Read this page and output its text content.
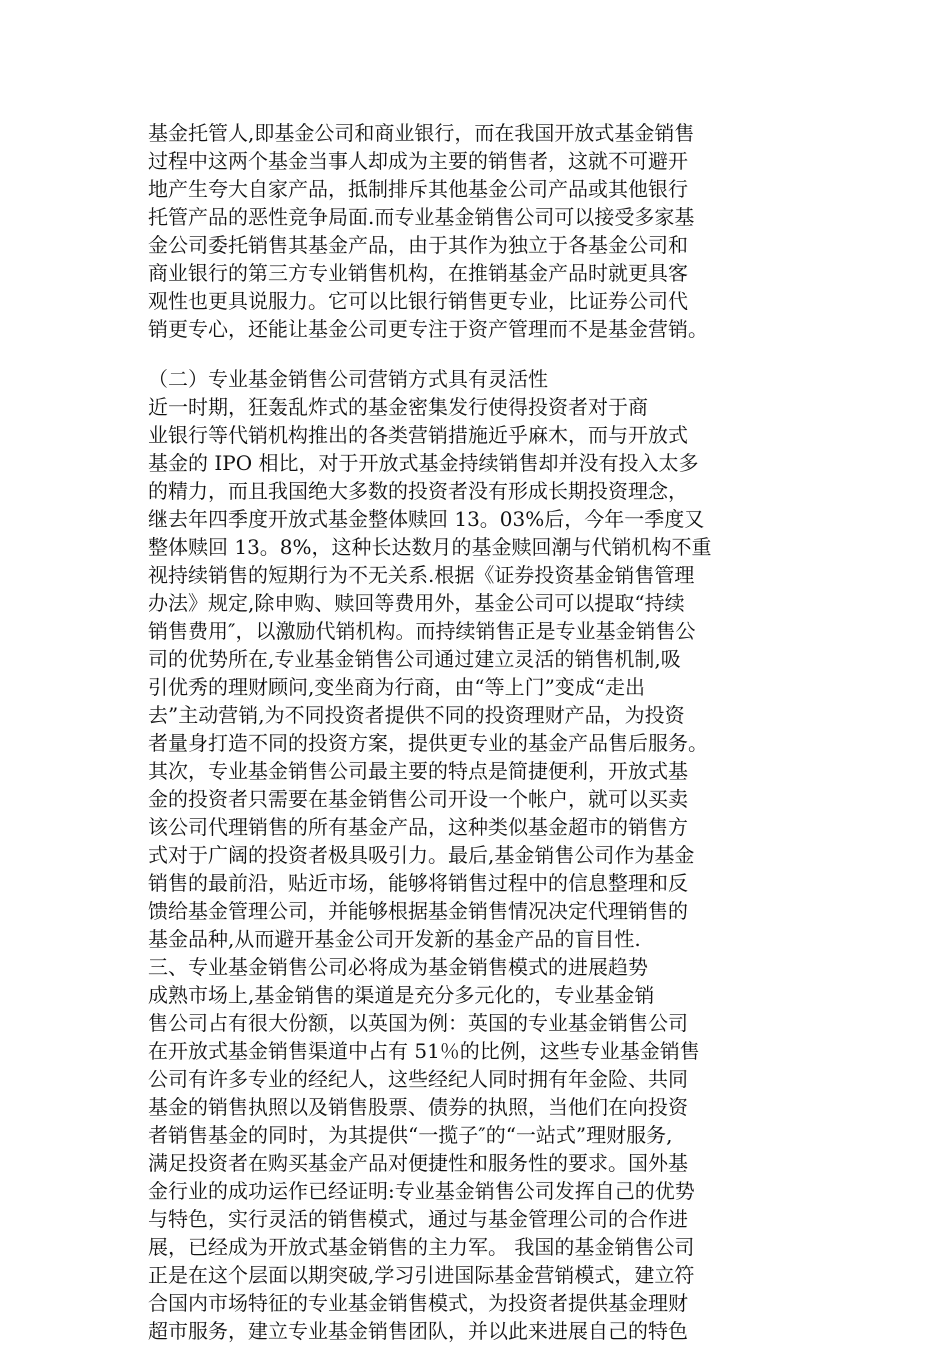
基金托管人,即基金公司和商业银行，而在我国开放式基金销售
过程中这两个基金当事人却成为主要的销售者，这就不可避开
地产生夸大自家产品，抵制排斥其他基金公司产品或其他银行
托管产品的恶性竞争局面.而专业基金销售公司可以接受多家基
金公司委托销售其基金产品，由于其作为独立于各基金公司和
商业银行的第三方专业销售机构，在推销基金产品时就更具客
观性也更具说服力。它可以比银行销售更专业，比证券公司代
销更专心，还能让基金公司更专注于资产管理而不是基金营销。
（二）专业基金销售公司营销方式具有灵活性
近一时期，狂轰乱炸式的基金密集发行使得投资者对于商
业银行等代销机构推出的各类营销措施近乎麻木，而与开放式
基金的 IPO 相比，对于开放式基金持续销售却并没有投入太多
的精力，而且我国绝大多数的投资者没有形成长期投资理念，
继去年四季度开放式基金整体赎回 13。03%后，今年一季度又
整体赎回 13。8%，这种长达数月的基金赎回潮与代销机构不重
视持续销售的短期行为不无关系.根据《证券投资基金销售管理
办法》规定,除申购、赎回等费用外，基金公司可以提取“持续
销售费用″，以激励代销机构。而持续销售正是专业基金销售公
司的优势所在,专业基金销售公司通过建立灵活的销售机制,吸
引优秀的理财顾问,变坐商为行商，由“等上门”变成“走出
去”主动营销,为不同投资者提供不同的投资理财产品，为投资
者量身打造不同的投资方案，提供更专业的基金产品售后服务。
其次，专业基金销售公司最主要的特点是简捷便利，开放式基
金的投资者只需要在基金销售公司开设一个帐户，就可以买卖
该公司代理销售的所有基金产品，这种类似基金超市的销售方
式对于广阔的投资者极具吸引力。最后,基金销售公司作为基金
销售的最前沿，贴近市场，能够将销售过程中的信息整理和反
馈给基金管理公司，并能够根据基金销售情况决定代理销售的
基金品种,从而避开基金公司开发新的基金产品的盲目性.
三、专业基金销售公司必将成为基金销售模式的进展趋势
成熟市场上,基金销售的渠道是充分多元化的，专业基金销
售公司占有很大份额，以英国为例：英国的专业基金销售公司
在开放式基金销售渠道中占有 51％的比例，这些专业基金销售
公司有许多专业的经纪人，这些经纪人同时拥有年金险、共同
基金的销售执照以及销售股票、债券的执照，当他们在向投资
者销售基金的同时，为其提供“一揽子″的“一站式”理财服务,
满足投资者在购买基金产品对便捷性和服务性的要求。国外基
金行业的成功运作已经证明:专业基金销售公司发挥自己的优势
与特色，实行灵活的销售模式，通过与基金管理公司的合作进
展，已经成为开放式基金销售的主力军。 我国的基金销售公司
正是在这个层面以期突破,学习引进国际基金营销模式，建立符
合国内市场特征的专业基金销售模式，为投资者提供基金理财
超市服务，建立专业基金销售团队，并以此来进展自己的特色
